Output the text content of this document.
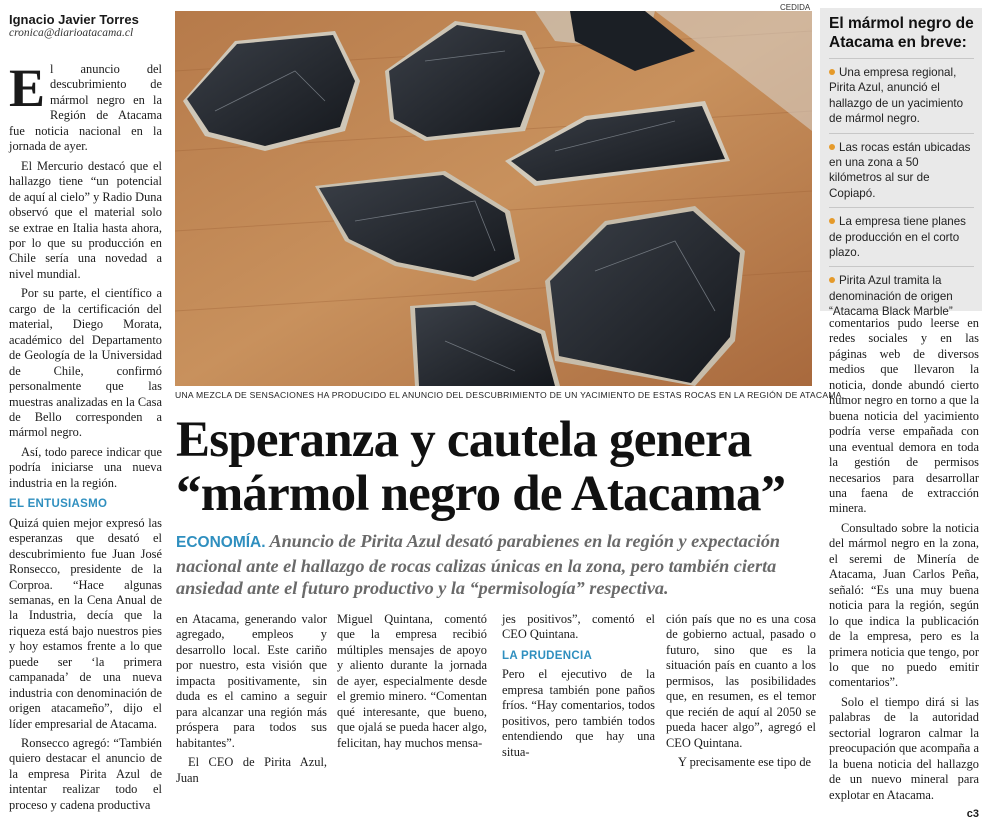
Ignacio Javier Torres
cronica@diarioatacama.cl

El anuncio del descubrimiento de mármol negro en la Región de Atacama fue noticia nacional en la jornada de ayer.

El Mercurio destacó que el hallazgo tiene “un potencial de aquí al cielo” y Radio Duna observó que el material solo se extrae en Italia hasta ahora, por lo que su producción en Chile sería una novedad a nivel mundial.

Por su parte, el científico a cargo de la certificación del material, Diego Morata, académico del Departamento de Geología de la Universidad de Chile, confirmó personalmente que las muestras analizadas en la Casa de Bello corresponden a mármol negro.

Así, todo parece indicar que podría iniciarse una nueva industria en la región.

EL ENTUSIASMO

Quizá quien mejor expresó las esperanzas que desató el descubrimiento fue Juan José Ronsecco, presidente de la Corproa. “Hace algunas semanas, en la Cena Anual de la Industria, decía que la riqueza está bajo nuestros pies y hoy estamos frente a lo que puede ser ‘la primera campanada’ de una nueva industria con denominación de origen atacameño”, dijo el líder empresarial de Atacama.

Ronsecco agregó: “También quiero destacar el anuncio de la empresa Pirita Azul de intentar realizar todo el proceso y cadena productiva

CEDIDA
UNA MEZCLA DE SENSACIONES HA PRODUCIDO EL ANUNCIO DEL DESCUBRIMIENTO DE UN YACIMIENTO DE ESTAS ROCAS EN LA REGIÓN DE ATACAMA.
El mármol negro de Atacama en breve:
Una empresa regional, Pirita Azul, anunció el hallazgo de un yacimiento de mármol negro.
Las rocas están ubicadas en una zona a 50 kilómetros al sur de Copiapó.
La empresa tiene planes de producción en el corto plazo.
Pirita Azul tramita la denominación de origen “Atacama Black Marble”
Esperanza y cautela genera
“mármol negro de Atacama”
ECONOMÍA. Anuncio de Pirita Azul desató parabienes en la región y expectación nacional ante el hallazgo de rocas calizas únicas en la zona, pero también cierta ansiedad ante el futuro productivo y la “permisología” respectiva.

en Atacama, generando valor agregado, empleos y desarrollo local. Este cariño por nuestro, esta visión que impacta positivamente, sin duda es el camino a seguir para alcanzar una región más próspera para todos sus habitantes”.

El CEO de Pirita Azul, Juan

Miguel Quintana, comentó que la empresa recibió múltiples mensajes de apoyo y aliento durante la jornada de ayer, especialmente desde el gremio minero. “Comentan qué interesante, que bueno, que ojalá se pueda hacer algo, felicitan, hay muchos mensa-

jes positivos”, comentó el CEO Quintana.

LA PRUDENCIA

Pero el ejecutivo de la empresa también pone paños fríos. “Hay comentarios, todos positivos, pero también todos entendiendo que hay una situa-

ción país que no es una cosa de gobierno actual, pasado o futuro, sino que es la situación país en cuanto a los permisos, las posibilidades que, en resumen, es el temor que recién de aquí al 2050 se pueda hacer algo”, agregó el CEO Quintana.

Y precisamente ese tipo de

comentarios pudo leerse en redes sociales y en las páginas web de diversos medios que llevaron la noticia, donde abundó cierto humor negro en torno a que la buena noticia del yacimiento podría verse empañada con una eventual demora en toda la gestión de permisos necesarios para desarrollar una faena de extracción minera.

Consultado sobre la noticia del mármol negro en la zona, el seremi de Minería de Atacama, Juan Carlos Peña, señaló: “Es una muy buena noticia para la región, según lo que indica la publicación de la empresa, pero es la primera noticia que tengo, por lo que no puedo emitir comentarios”.

Solo el tiempo dirá si las palabras de la autoridad sectorial lograron calmar la preocupación que acompaña a la buena noticia del hallazgo de un nuevo mineral para explotar en Atacama.

ᴄ3
